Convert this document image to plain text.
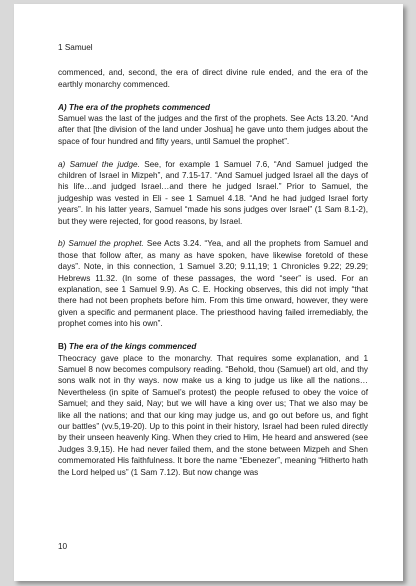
1 Samuel

commenced, and, second, the era of direct divine rule ended, and the era of the earthly monarchy commenced.

A) The era of the prophets commenced

Samuel was the last of the judges and the first of the prophets. See Acts 13.20. “And after that [the division of the land under Joshua] he gave unto them judges about the space of four hundred and fifty years, until Samuel the prophet”.

a) Samuel the judge. See, for example 1 Samuel 7.6, “And Samuel judged the children of Israel in Mizpeh”, and 7.15-17. “And Samuel judged Israel all the days of his life…and judged Israel…and there he judged Israel.” Prior to Samuel, the judgeship was vested in Eli - see 1 Samuel 4.18. “And he had judged Israel forty years”. In his latter years, Samuel “made his sons judges over Israel” (1 Sam 8.1-2), but they were rejected, for good reasons, by Israel.

b) Samuel the prophet. See Acts 3.24. “Yea, and all the prophets from Samuel and those that follow after, as many as have spoken, have likewise foretold of these days”. Note, in this connection, 1 Samuel 3.20; 9.11,19; 1 Chronicles 9.22; 29.29; Hebrews 11.32. (In some of these passages, the word “seer” is used. For an explanation, see 1 Samuel 9.9). As C. E. Hocking observes, this did not imply “that there had not been prophets before him. From this time onward, however, they were given a specific and permanent place. The priesthood having failed irremediably, the prophet comes into his own”.

B) The era of the kings commenced

Theocracy gave place to the monarchy. That requires some explanation, and 1 Samuel 8 now becomes compulsory reading. “Behold, thou (Samuel) art old, and thy sons walk not in thy ways. now make us a king to judge us like all the nations…Nevertheless (in spite of Samuel’s protest) the people refused to obey the voice of Samuel; and they said, Nay; but we will have a king over us; That we also may be like all the nations; and that our king may judge us, and go out before us, and fight our battles” (vv.5,19-20). Up to this point in their history, Israel had been ruled directly by their unseen heavenly King. When they cried to Him, He heard and answered (see Judges 3.9,15). He had never failed them, and the stone between Mizpeh and Shen commemorated His faithfulness. It bore the name “Ebenezer”, meaning “Hitherto hath the Lord helped us” (1 Sam 7.12). But now change was

10
